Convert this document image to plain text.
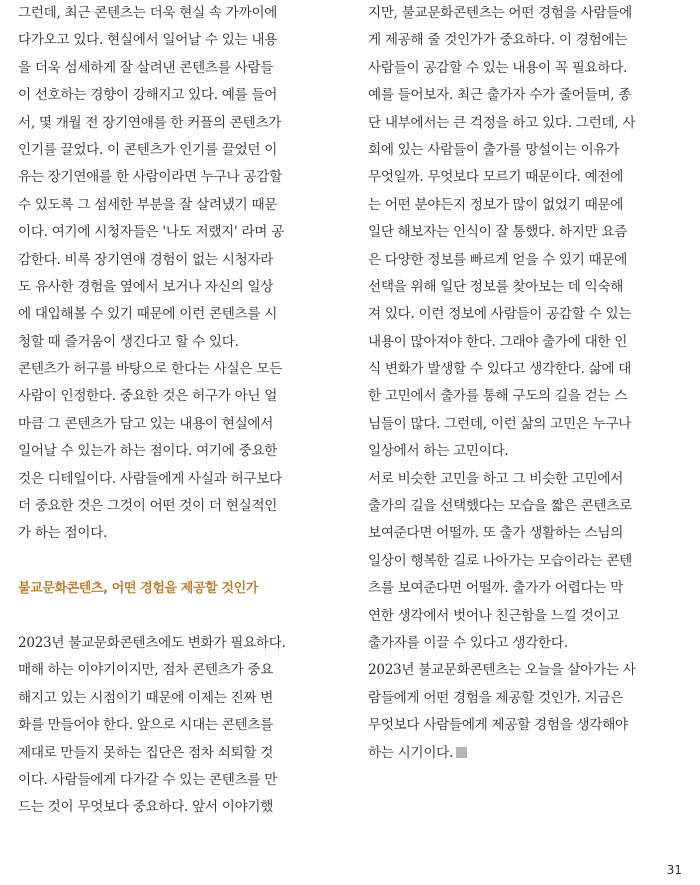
그런데, 최근 콘텐츠는 더욱 현실 속 가까이에
다가오고 있다. 현실에서 일어날 수 있는 내용
을 더욱 섬세하게 잘 살려낸 콘텐츠를 사람들
이 선호하는 경향이 강해지고 있다. 예를 들어
서, 몇 개월 전 장기연애를 한 커플의 콘텐츠가
인기를 끌었다. 이 콘텐츠가 인기를 끌었던 이
유는 장기연애를 한 사람이라면 누구나 공감할
수 있도록 그 섬세한 부분을 잘 살려냈기 때문
이다. 여기에 시청자들은 '나도 저랬지' 라며 공
감한다. 비록 장기연애 경험이 없는 시청자라
도 유사한 경험을 옆에서 보거나 자신의 일상
에 대입해볼 수 있기 때문에 이런 콘텐츠를 시
청할 때 즐거움이 생긴다고 할 수 있다.
콘텐츠가 허구를 바탕으로 한다는 사실은 모든
사람이 인정한다. 중요한 것은 허구가 아닌 얼
마큼 그 콘텐츠가 담고 있는 내용이 현실에서
일어날 수 있는가 하는 점이다. 여기에 중요한
것은 디테일이다. 사람들에게 사실과 허구보다
더 중요한 것은 그것이 어떤 것이 더 현실적인
가 하는 점이다.
불교문화콘텐츠, 어떤 경험을 제공할 것인가
2023년 불교문화콘텐츠에도 변화가 필요하다.
매해 하는 이야기이지만, 점차 콘텐츠가 중요
해지고 있는 시점이기 때문에 이제는 진짜 변
화를 만들어야 한다. 앞으로 시대는 콘텐츠를
제대로 만들지 못하는 집단은 점차 쇠퇴할 것
이다. 사람들에게 다가갈 수 있는 콘텐츠를 만
드는 것이 무엇보다 중요하다. 앞서 이야기했
지만, 불교문화콘텐츠는 어떤 경험을 사람들에
게 제공해 줄 것인가가 중요하다. 이 경험에는
사람들이 공감할 수 있는 내용이 꼭 필요하다.
예를 들어보자. 최근 출가자 수가 줄어들며, 종
단 내부에서는 큰 걱정을 하고 있다. 그런데, 사
회에 있는 사람들이 출가를 망설이는 이유가
무엇일까. 무엇보다 모르기 때문이다. 예전에
는 어떤 분야든지 정보가 많이 없었기 때문에
일단 해보자는 인식이 잘 통했다. 하지만 요즘
은 다양한 정보를 빠르게 얻을 수 있기 때문에
선택을 위해 일단 정보를 찾아보는 데 익숙해
져 있다. 이런 정보에 사람들이 공감할 수 있는
내용이 많아져야 한다. 그래야 출가에 대한 인
식 변화가 발생할 수 있다고 생각한다. 삶에 대
한 고민에서 출가를 통해 구도의 길을 걷는 스
님들이 많다. 그런데, 이런 삶의 고민은 누구나
일상에서 하는 고민이다.
서로 비슷한 고민을 하고 그 비슷한 고민에서
출가의 길을 선택했다는 모습을 짧은 콘텐츠로
보여준다면 어떨까. 또 출가 생활하는 스님의
일상이 행복한 길로 나아가는 모습이라는 콘텐
츠를 보여준다면 어떨까. 출가가 어렵다는 막
연한 생각에서 벗어나 친근함을 느낄 것이고
출가자를 이끌 수 있다고 생각한다.
2023년 불교문화콘텐츠는 오늘을 살아가는 사
람들에게 어떤 경험을 제공할 것인가. 지금은
무엇보다 사람들에게 제공할 경험을 생각해야
하는 시기이다.
31
